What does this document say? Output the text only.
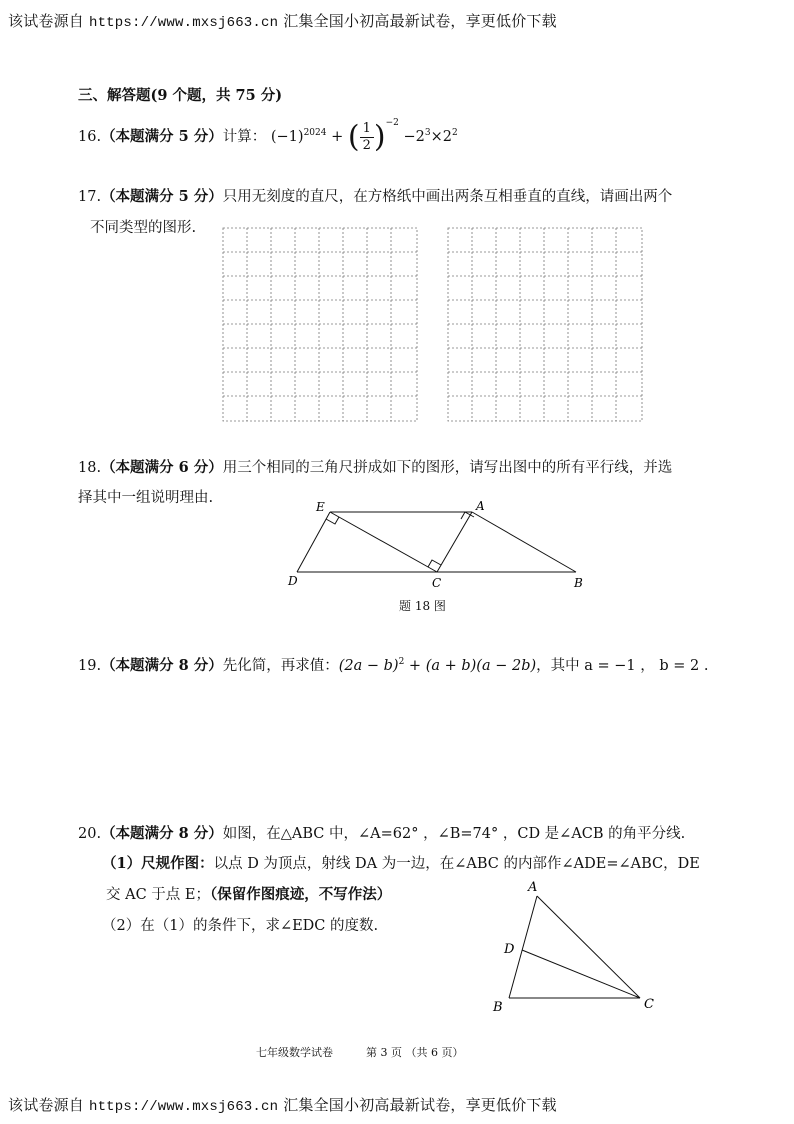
该试卷源自 https://www.mxsj663.cn 汇集全国小初高最新试卷，享更低价下载
三、解答题(9 个题，共 75 分)
16.（本题满分 5 分）计算： $(-1)^{2024}$ + ( $\frac{1}{2} )^{-2} -2^3\times 2^2$
17.（本题满分 5 分）只用无刻度的直尺，在方格纸中画出两条互相垂直的直线，请画出两个
不同类型的图形.
18.（本题满分 6 分）用三个相同的三角尺拼成如下的图形，请写出图中的所有平行线，并选
择其中一组说明理由.
E	A
D	C	B
题 18 图
19.（本题满分 8 分）先化简，再求值：$(2a - b)^2 + (a + b)(a - 2b)$，其中 a = −1 ， b = 2 .
20.（本题满分 8 分）如图，在△ABC 中，∠A=62° ，∠B=74° ，CD 是∠ACB 的角平分线.
（1）尺规作图：以点 D 为顶点，射线 DA 为一边，在∠ABC 的内部作∠ADE=∠ABC，DE
交 AC 于点 E；（保留作图痕迹，不写作法）
（2）在（1）的条件下，求∠EDC 的度数.
A
D
B	C
七年级数学试卷	第 3 页 （共 6 页）
该试卷源自 https://www.mxsj663.cn 汇集全国小初高最新试卷，享更低价下载
